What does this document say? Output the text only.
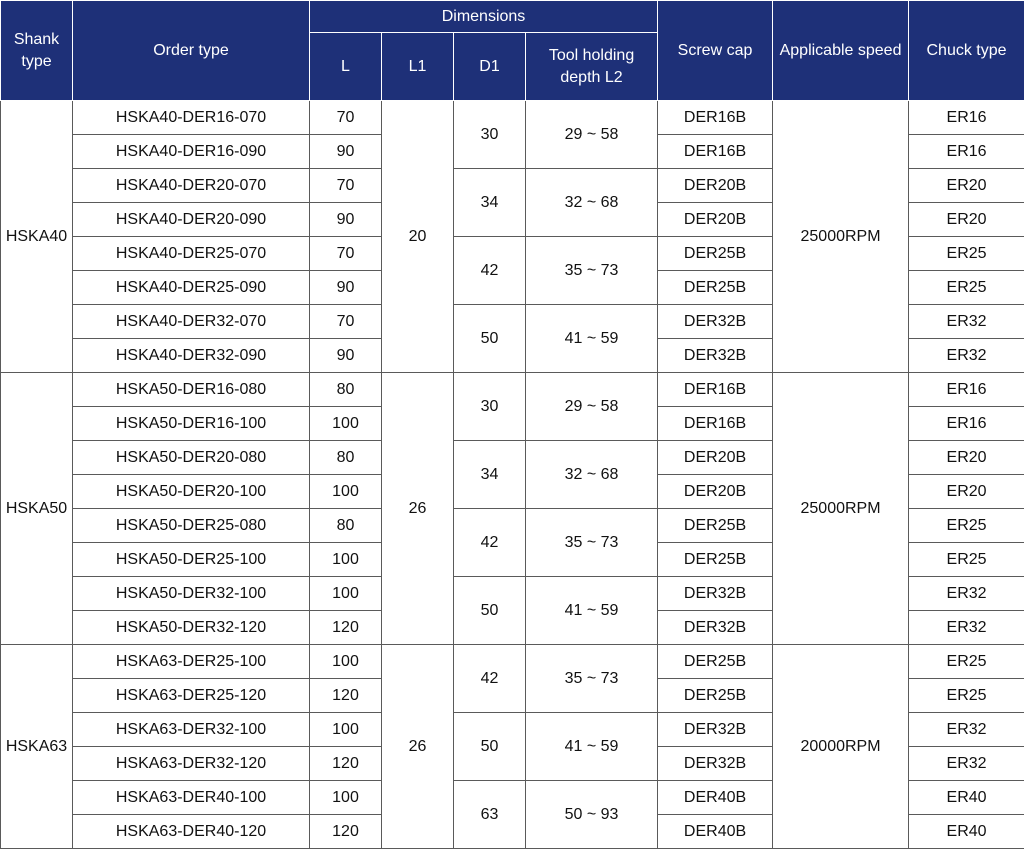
Shank type	Order type	Dimensions				Screw cap	Applicable speed	Chuck type
		L	L1	D1	Tool holding depth L2			
HSKA40	HSKA40-DER16-070	70	20	30	29 ~ 58	DER16B	25000RPM	ER16
	HSKA40-DER16-090	90				DER16B		ER16
	HSKA40-DER20-070	70		34	32 ~ 68	DER20B		ER20
	HSKA40-DER20-090	90				DER20B		ER20
	HSKA40-DER25-070	70		42	35 ~ 73	DER25B		ER25
	HSKA40-DER25-090	90				DER25B		ER25
	HSKA40-DER32-070	70		50	41 ~ 59	DER32B		ER32
	HSKA40-DER32-090	90				DER32B		ER32
HSKA50	HSKA50-DER16-080	80	26	30	29 ~ 58	DER16B	25000RPM	ER16
	HSKA50-DER16-100	100				DER16B		ER16
	HSKA50-DER20-080	80		34	32 ~ 68	DER20B		ER20
	HSKA50-DER20-100	100				DER20B		ER20
	HSKA50-DER25-080	80		42	35 ~ 73	DER25B		ER25
	HSKA50-DER25-100	100				DER25B		ER25
	HSKA50-DER32-100	100		50	41 ~ 59	DER32B		ER32
	HSKA50-DER32-120	120				DER32B		ER32
HSKA63	HSKA63-DER25-100	100	26	42	35 ~ 73	DER25B	20000RPM	ER25
	HSKA63-DER25-120	120				DER25B		ER25
	HSKA63-DER32-100	100		50	41 ~ 59	DER32B		ER32
	HSKA63-DER32-120	120				DER32B		ER32
	HSKA63-DER40-100	100		63	50 ~ 93	DER40B		ER40
	HSKA63-DER40-120	120				DER40B		ER40
